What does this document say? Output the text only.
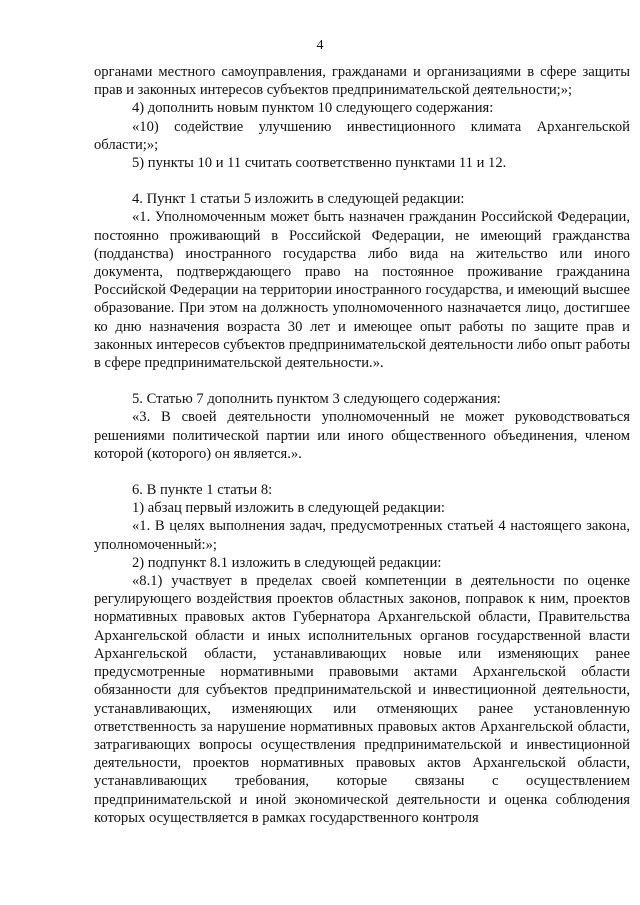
4

органами местного самоуправления, гражданами и организациями в сфере защиты прав и законных интересов субъектов предпринимательской деятельности;»;

4) дополнить новым пунктом 10 следующего содержания:

«10) содействие улучшению инвестиционного климата Архангельской области;»;

5) пункты 10 и 11 считать соответственно пунктами 11 и 12.

4. Пункт 1 статьи 5 изложить в следующей редакции:

«1. Уполномоченным может быть назначен гражданин Российской Федерации, постоянно проживающий в Российской Федерации, не имеющий гражданства (подданства) иностранного государства либо вида на жительство или иного документа, подтверждающего право на постоянное проживание гражданина Российской Федерации на территории иностранного государства, и имеющий высшее образование. При этом на должность уполномоченного назначается лицо, достигшее ко дню назначения возраста 30 лет и имеющее опыт работы по защите прав и законных интересов субъектов предпринимательской деятельности либо опыт работы в сфере предпринимательской деятельности.».

5. Статью 7 дополнить пунктом 3 следующего содержания:

«3. В своей деятельности уполномоченный не может руководствоваться решениями политической партии или иного общественного объединения, членом которой (которого) он является.».

6. В пункте 1 статьи 8:

1) абзац первый изложить в следующей редакции:

«1. В целях выполнения задач, предусмотренных статьей 4 настоящего закона, уполномоченный:»;

2) подпункт 8.1 изложить в следующей редакции:

«8.1) участвует в пределах своей компетенции в деятельности по оценке регулирующего воздействия проектов областных законов, поправок к ним, проектов нормативных правовых актов Губернатора Архангельской области, Правительства Архангельской области и иных исполнительных органов государственной власти Архангельской области, устанавливающих новые или изменяющих ранее предусмотренные нормативными правовыми актами Архангельской области обязанности для субъектов предпринимательской и инвестиционной деятельности, устанавливающих, изменяющих или отменяющих ранее установленную ответственность за нарушение нормативных правовых актов Архангельской области, затрагивающих вопросы осуществления предпринимательской и инвестиционной деятельности, проектов нормативных правовых актов Архангельской области, устанавливающих требования, которые связаны с осуществлением предпринимательской и иной экономической деятельности и оценка соблюдения которых осуществляется в рамках государственного контроля
